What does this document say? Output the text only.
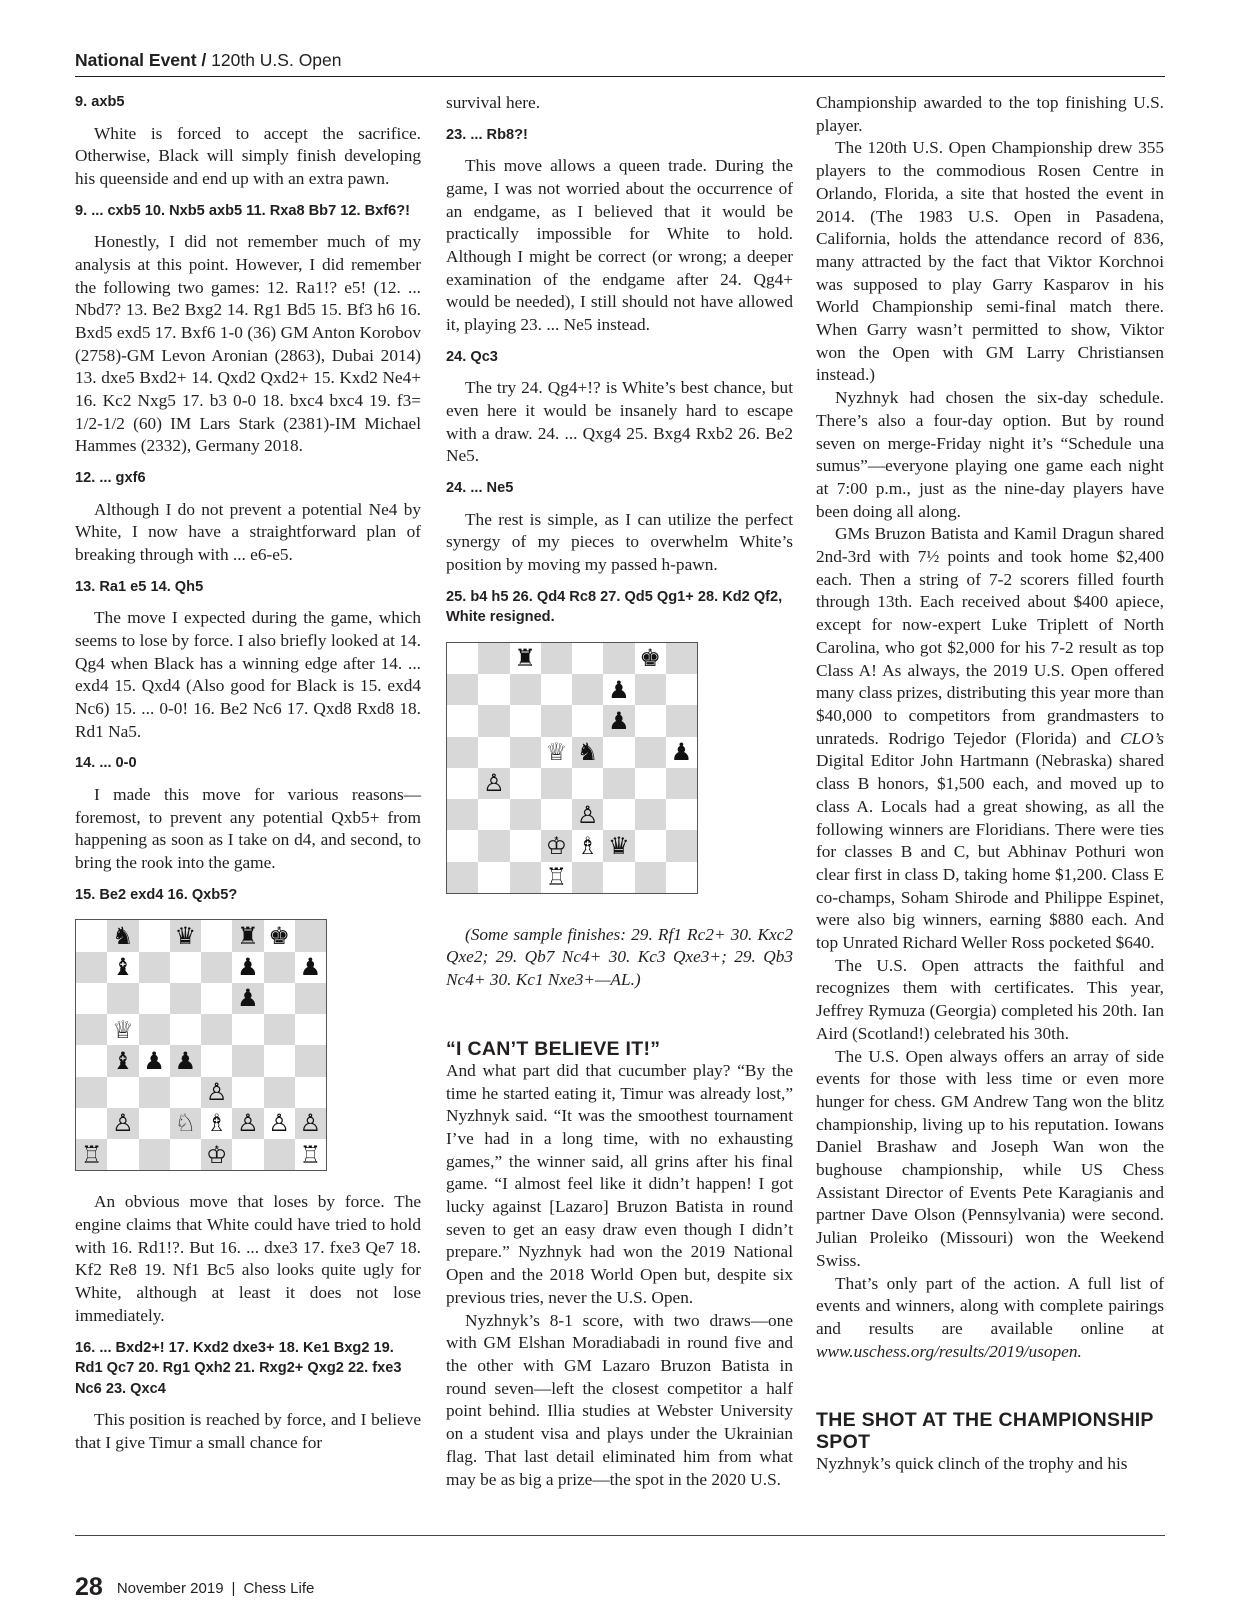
National Event / 120th U.S. Open
9. axb5

White is forced to accept the sacrifice. Otherwise, Black will simply finish developing his queenside and end up with an extra pawn.

9. ... cxb5 10. Nxb5 axb5 11. Rxa8 Bb7 12. Bxf6?!

Honestly, I did not remember much of my analysis at this point. However, I did remember the following two games: 12. Ra1!? e5! (12. ... Nbd7? 13. Be2 Bxg2 14. Rg1 Bd5 15. Bf3 h6 16. Bxd5 exd5 17. Bxf6 1-0 (36) GM Anton Korobov (2758)-GM Levon Aronian (2863), Dubai 2014) 13. dxe5 Bxd2+ 14. Qxd2 Qxd2+ 15. Kxd2 Ne4+ 16. Kc2 Nxg5 17. b3 0-0 18. bxc4 bxc4 19. f3= 1/2-1/2 (60) IM Lars Stark (2381)-IM Michael Hammes (2332), Germany 2018.

12. ... gxf6

Although I do not prevent a potential Ne4 by White, I now have a straightforward plan of breaking through with ... e6-e5.

13. Ra1 e5 14. Qh5

The move I expected during the game, which seems to lose by force. I also briefly looked at 14. Qg4 when Black has a winning edge after 14. ... exd4 15. Qxd4 (Also good for Black is 15. exd4 Nc6) 15. ... 0-0! 16. Be2 Nc6 17. Qxd8 Rxd8 18. Rd1 Na5.

14. ... 0-0

I made this move for various reasons—foremost, to prevent any potential Qxb5+ from happening as soon as I take on d4, and second, to bring the rook into the game.

15. Be2 exd4 16. Qxb5?
♞ ♛ ♜ ♚
♝	♟ ♟
♟
♕
♝ ♟ ♟
♙
♙ ♘ ♗ ♙ ♙ ♙
♖	♔	♖

An obvious move that loses by force. The engine claims that White could have tried to hold with 16. Rd1!?. But 16. ... dxe3 17. fxe3 Qe7 18. Kf2 Re8 19. Nf1 Bc5 also looks quite ugly for White, although at least it does not lose immediately.

16. ... Bxd2+! 17. Kxd2 dxe3+ 18. Ke1 Bxg2 19. Rd1 Qc7 20. Rg1 Qxh2 21. Rxg2+ Qxg2 22. fxe3 Nc6 23. Qxc4

This position is reached by force, and I believe that I give Timur a small chance for

survival here.

23. ... Rb8?!

This move allows a queen trade. During the game, I was not worried about the occurrence of an endgame, as I believed that it would be practically impossible for White to hold. Although I might be correct (or wrong; a deeper examination of the endgame after 24. Qg4+ would be needed), I still should not have allowed it, playing 23. ... Ne5 instead.

24. Qc3

The try 24. Qg4+!? is White’s best chance, but even here it would be insanely hard to escape with a draw. 24. ... Qxg4 25. Bxg4 Rxb2 26. Be2 Ne5.

24. ... Ne5

The rest is simple, as I can utilize the perfect synergy of my pieces to overwhelm White’s position by moving my passed h-pawn.

25. b4 h5 26. Qd4 Rc8 27. Qd5 Qg1+ 28. Kd2 Qf2, White resigned.
♜	♚
♟
♟
♕ ♞	♟
♙
♙
♔ ♗ ♛
♖

(Some sample finishes: 29. Rf1 Rc2+ 30. Kxc2 Qxe2; 29. Qb7 Nc4+ 30. Kc3 Qxe3+; 29. Qb3 Nc4+ 30. Kc1 Nxe3+—AL.)

“I CAN’T BELIEVE IT!”

And what part did that cucumber play? “By the time he started eating it, Timur was already lost,” Nyzhnyk said. “It was the smoothest tournament I’ve had in a long time, with no exhausting games,” the winner said, all grins after his final game. “I almost feel like it didn’t happen! I got lucky against [Lazaro] Bruzon Batista in round seven to get an easy draw even though I didn’t prepare.” Nyzhnyk had won the 2019 National Open and the 2018 World Open but, despite six previous tries, never the U.S. Open.

Nyzhnyk’s 8-1 score, with two draws—one with GM Elshan Moradiabadi in round five and the other with GM Lazaro Bruzon Batista in round seven—left the closest competitor a half point behind. Illia studies at Webster University on a student visa and plays under the Ukrainian flag. That last detail eliminated him from what may be as big a prize—the spot in the 2020 U.S.

Championship awarded to the top finishing U.S. player.

The 120th U.S. Open Championship drew 355 players to the commodious Rosen Centre in Orlando, Florida, a site that hosted the event in 2014. (The 1983 U.S. Open in Pasadena, California, holds the attendance record of 836, many attracted by the fact that Viktor Korchnoi was supposed to play Garry Kasparov in his World Championship semi-final match there. When Garry wasn’t permitted to show, Viktor won the Open with GM Larry Christiansen instead.)

Nyzhnyk had chosen the six-day schedule. There’s also a four-day option. But by round seven on merge-Friday night it’s “Schedule una sumus”—everyone playing one game each night at 7:00 p.m., just as the nine-day players have been doing all along.

GMs Bruzon Batista and Kamil Dragun shared 2nd-3rd with 7½ points and took home $2,400 each. Then a string of 7-2 scorers filled fourth through 13th. Each received about $400 apiece, except for now-expert Luke Triplett of North Carolina, who got $2,000 for his 7-2 result as top Class A! As always, the 2019 U.S. Open offered many class prizes, distributing this year more than $40,000 to competitors from grandmasters to unrateds. Rodrigo Tejedor (Florida) and CLO’s Digital Editor John Hartmann (Nebraska) shared class B honors, $1,500 each, and moved up to class A. Locals had a great showing, as all the following winners are Floridians. There were ties for classes B and C, but Abhinav Pothuri won clear first in class D, taking home $1,200. Class E co-champs, Soham Shirode and Philippe Espinet, were also big winners, earning $880 each. And top Unrated Richard Weller Ross pocketed $640.

The U.S. Open attracts the faithful and recognizes them with certificates. This year, Jeffrey Rymuza (Georgia) completed his 20th. Ian Aird (Scotland!) celebrated his 30th.

The U.S. Open always offers an array of side events for those with less time or even more hunger for chess. GM Andrew Tang won the blitz championship, living up to his reputation. Iowans Daniel Brashaw and Joseph Wan won the bughouse championship, while US Chess Assistant Director of Events Pete Karagianis and partner Dave Olson (Pennsylvania) were second. Julian Proleiko (Missouri) won the Weekend Swiss.

That’s only part of the action. A full list of events and winners, along with complete pairings and results are available online at www.uschess.org/results/2019/usopen.

THE SHOT AT THE CHAMPIONSHIP SPOT

Nyzhnyk’s quick clinch of the trophy and his

28 November 2019 | Chess Life
